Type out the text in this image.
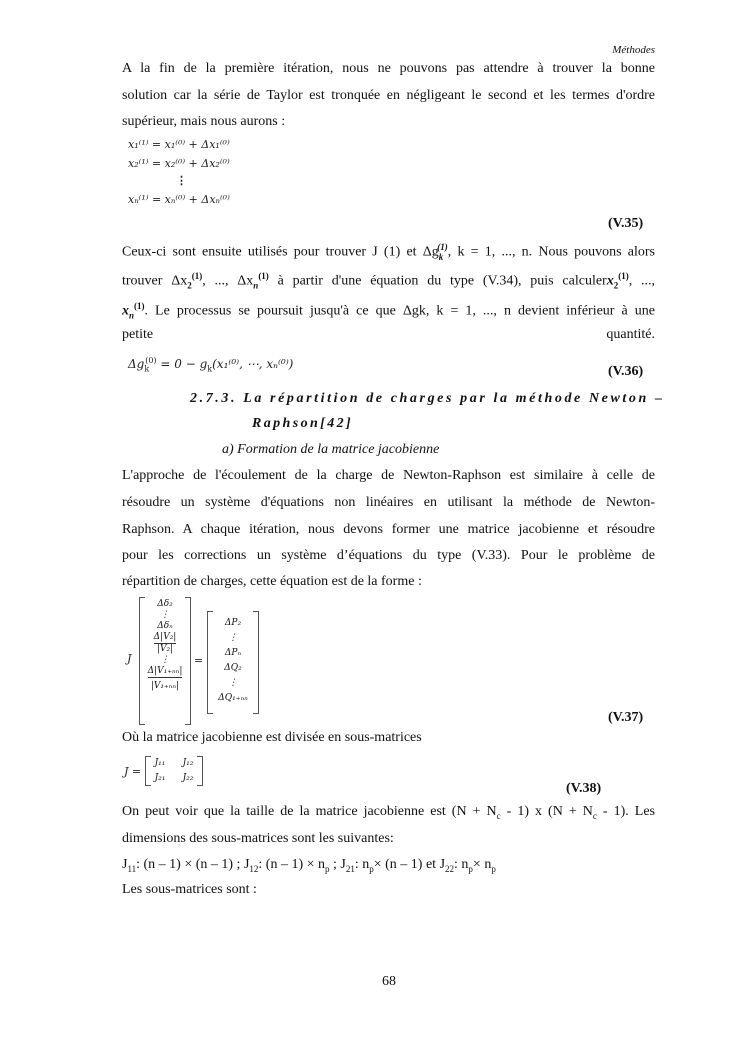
Méthodes
A la fin de la première itération, nous ne pouvons pas attendre à trouver la bonne
solution car la série de Taylor est tronquée en négligeant le second et les termes d'ordre
supérieur, mais nous aurons :
x₁⁽¹⁾ = x₁⁽⁰⁾ + Δx₁⁽⁰⁾
x₂⁽¹⁾ = x₂⁽⁰⁾ + Δx₂⁽⁰⁾
⋮
xₙ⁽¹⁾ = xₙ⁽⁰⁾ + Δxₙ⁽⁰⁾
(V.35)
Ceux-ci sont ensuite utilisés pour trouver J (1) et $\Delta g_k^{(1)}$, k = 1, ..., n. Nous pouvons alors
trouver $\Delta x_2^{(1)}$, ..., $\Delta x_n^{(1)}$ à partir d'une équation du type (V.34), puis calculerx$_2^{(1)}$, ...,
$x_n^{(1)}$. Le processus se poursuit jusqu'à ce que Δgk, k = 1, ..., n devient inférieur à une
petite	quantité.
$\Delta g_k^{(0)} = 0 - g_k(x_1^{(0)}$, ⋯, xₙ⁽⁰⁾)	(V.36)
2.7.3. La répartition de charges par la méthode Newton –
Raphson[42]
a) Formation de la matrice jacobienne
L'approche de l'écoulement de la charge de Newton-Raphson est similaire à celle de
résoudre un système d'équations non linéaires en utilisant la méthode de Newton-
Raphson. A chaque itération, nous devons former une matrice jacobienne et résoudre
pour les corrections un système d’équations du type (V.33). Pour le problème de
répartition de charges, cette équation est de la forme :
J
Δδ₂
⋮
Δδₙ
Δ|V₂|
|V₂|
⋮
Δ|V₁₊ₙₙ|
|V₁₊ₙₙ|
=
ΔP₂
⋮
ΔPₙ
ΔQ₂
⋮
ΔQ₁₊ₙₙ
(V.37)
Où la matrice jacobienne est divisée en sous-matrices
J =
J₁₁	J₁₂
J₂₁	J₂₂
(V.38)
On peut voir que la taille de la matrice jacobienne est $(N + N_c - 1)$ x $(N + N_c - 1)$. Les
dimensions des sous-matrices sont les suivantes:
$J_{11}$: (n – 1) × (n – 1) ; $J_{12}$: $(n - 1) \times n_p$ ; $J_{21}$: $n_p\times (n - 1)$ et $J_{22}$: $n_p\times n_p$
Les sous-matrices sont :
68
